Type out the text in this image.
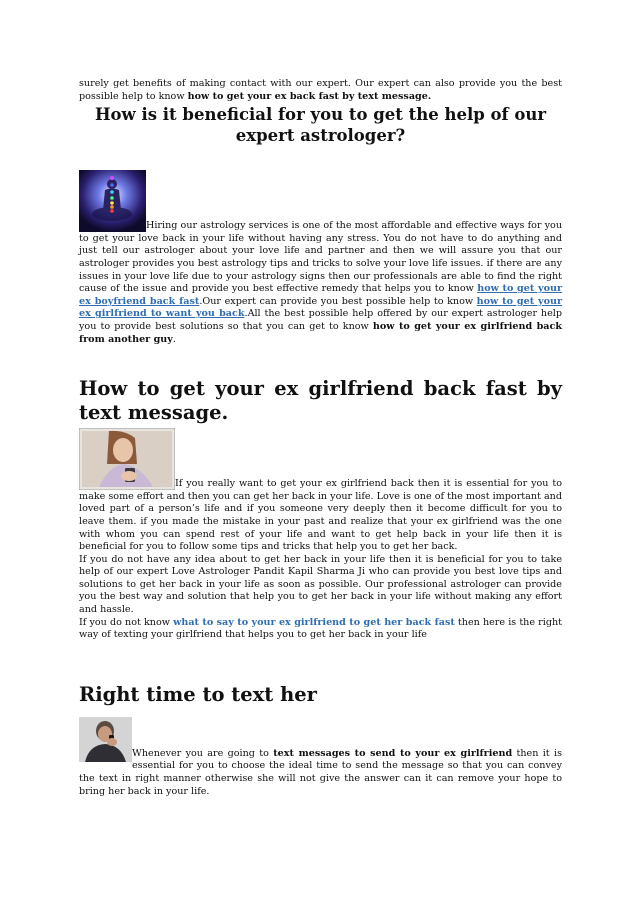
surely get benefits of making contact with our expert. Our expert can also provide you the best possible help to know how to get your ex back fast by text message.

How is it beneficial for you to get the help of our expert astrologer?

Hiring our astrology services is one of the most affordable and effective ways for you to get your love back in your life without having any stress. You do not have to do anything and just tell our astrologer about your love life and partner and then we will assure you that our astrologer provides you best astrology tips and tricks to solve your love life issues. if there are any issues in your love life due to your astrology signs then our professionals are able to find the right cause of the issue and provide you best effective remedy that helps you to know how to get your ex boyfriend back fast.Our expert can provide you best possible help to know how to get your ex girlfriend to want you back.All the best possible help offered by our expert astrologer help you to provide best solutions so that you can get to know how to get your ex girlfriend back from another guy.

How to get your ex girlfriend back fast by text message.

If you really want to get your ex girlfriend back then it is essential for you to make some effort and then you can get her back in your life. Love is one of the most important and loved part of a person’s life and if you someone very deeply then it become difficult for you to leave them. if you made the mistake in your past and realize that your ex girlfriend was the one with whom you can spend rest of your life and want to get help back in your life then it is beneficial for you to follow some tips and tricks that help you to get her back.

If you do not have any idea about to get her back in your life then it is beneficial for you to take help of our expert Love Astrologer Pandit Kapil Sharma Ji who can provide you best love tips and solutions to get her back in your life as soon as possible. Our professional astrologer can provide you the best way and solution that help you to get her back in your life without making any effort and hassle.

If you do not know what to say to your ex girlfriend to get her back fast then here is the right way of texting your girlfriend that helps you to get her back in your life

Right time to text her

Whenever you are going to text messages to send to your ex girlfriend then it is essential for you to choose the ideal time to send the message so that you can convey the text in right manner otherwise she will not give the answer can it can remove your hope to bring her back in your life.
